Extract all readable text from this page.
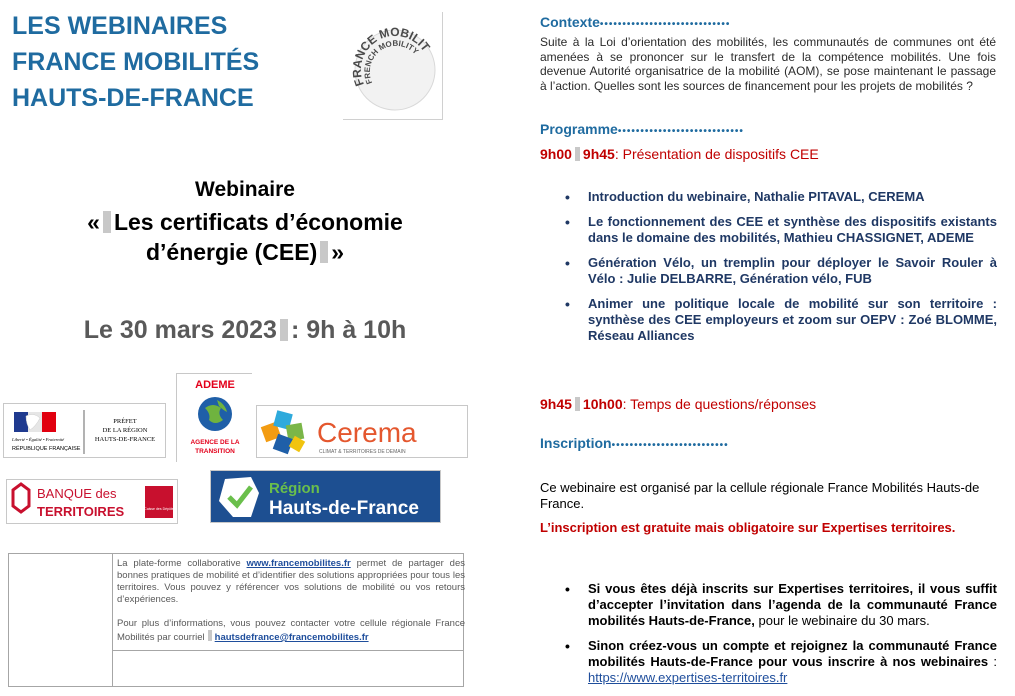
LES WEBINAIRES
FRANCE MOBILITÉS
HAUTS-DE-FRANCE
FRANCE MOBILITÉS
FRENCH MOBILITY
Webinaire
« Les certificats d’économie
d’énergie (CEE) »
Le 30 mars 2023 : 9h à 10h
Liberté • Égalité • Fraternité
RÉPUBLIQUE FRANÇAISE
PRÉFET
DE LA RÉGION
HAUTS-DE-FRANCE
ADEME
AGENCE DE LA
TRANSITION
Cerema
CLIMAT & TERRITOIRES DE DEMAIN
BANQUE des
TERRITOIRES	Caisse des Dépôts
Région
Hauts-de-France

La plate-forme collaborative www.francemobilites.fr permet de partager des bonnes pratiques de mobilité et d’identifier des solutions appropriées pour tous les territoires. Vous pouvez y référencer vos solutions de mobilité ou vos retours d’expériences.

Pour plus d’informations, vous pouvez contacter votre cellule régionale France Mobilités par courriel hautsdefrance@francemobilites.fr

Contexte•••••••••••••••••••••••••••••
Suite à la Loi d’orientation des mobilités, les communautés de communes ont été amenées à se prononcer sur le transfert de la compétence mobilités. Une fois devenue Autorité organisatrice de la mobilité (AOM), se pose maintenant le passage à l’action. Quelles sont les sources de financement pour les projets de mobilités ?
Programme••••••••••••••••••••••••••••
9h00 9h45: Présentation de dispositifs CEE
• Introduction du webinaire, Nathalie PITAVAL, CEREMA
• Le fonctionnement des CEE et synthèse des dispositifs existants dans le domaine des mobilités, Mathieu CHASSIGNET, ADEME
• Génération Vélo, un tremplin pour déployer le Savoir Rouler à Vélo : Julie DELBARRE, Génération vélo, FUB
• Animer une politique locale de mobilité sur son territoire : synthèse des CEE employeurs et zoom sur OEPV : Zoé BLOMME, Réseau Alliances
9h45 10h00: Temps de questions/réponses
Inscription••••••••••••••••••••••••••
Ce webinaire est organisé par la cellule régionale France Mobilités Hauts-de France.
L’inscription est gratuite mais obligatoire sur Expertises territoires.
• Si vous êtes déjà inscrits sur Expertises territoires, il vous suffit d’accepter l’invitation dans l’agenda de la communauté France mobilités Hauts-de-France, pour le webinaire du 30 mars.
• Sinon créez-vous un compte et rejoignez la communauté France mobilités Hauts-de-France pour vous inscrire à nos webinaires : https://www.expertises-territoires.fr
